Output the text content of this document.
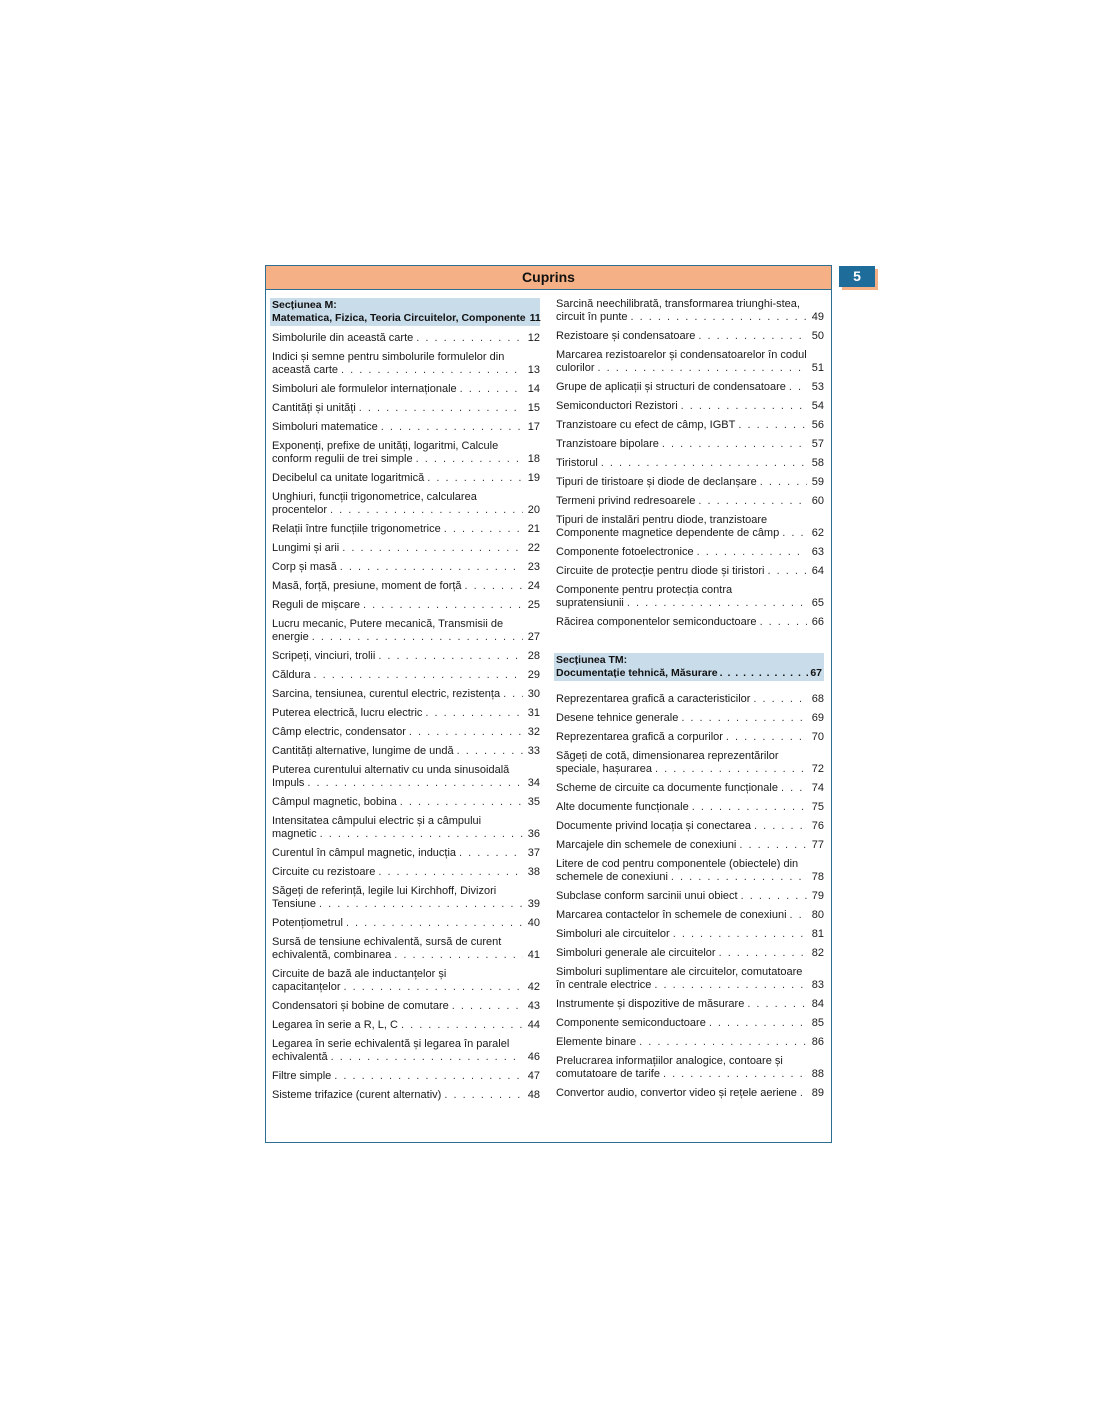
5
Cuprins
Secțiunea M:
Matematica, Fizica, Teoria Circuitelor, Componente 11
Simbolurile din această carte . . .	12
Indici și semne pentru simbolurile formulelor din
această carte . . .	13
Simboluri ale formulelor internaționale . . .	14
Cantități și unități . . .	15
Simboluri matematice . . .	17
Exponenți, prefixe de unități, logaritmi, Calcule
conform regulii de trei simple . . .	18
Decibelul ca unitate logaritmică . . .	19
Unghiuri, funcții trigonometrice, calcularea
procentelor . . .	20
Relații între funcțiile trigonometrice . . .	21
Lungimi și arii . . .	22
Corp și masă . . .	23
Masă, forță, presiune, moment de forță . . .	24
Reguli de mișcare . . .	25
Lucru mecanic, Putere mecanică, Transmisii de
energie . . .	27
Scripeți, vinciuri, trolii . . .	28
Căldura . . .	29
Sarcina, tensiunea, curentul electric, rezistența . . .	30
Puterea electrică, lucru electric . . .	31
Câmp electric, condensator . . .	32
Cantități alternative, lungime de undă . . .	33
Puterea curentului alternativ cu unda sinusoidală
Impuls . . .	34
Câmpul magnetic, bobina . . .	35
Intensitatea câmpului electric și a câmpului
magnetic . . .	36
Curentul în câmpul magnetic, inducția . . .	37
Circuite cu rezistoare . . .	38
Săgeți de referință, legile lui Kirchhoff, Divizori
Tensiune . . .	39
Potențiometrul . . .	40
Sursă de tensiune echivalentă, sursă de curent
echivalentă, combinarea . . .	41
Circuite de bază ale inductanțelor și
capacitanțelor . . .	42
Condensatori și bobine de comutare . . .	43
Legarea în serie a R, L, C . . .	44
Legarea în serie echivalentă și legarea în paralel
echivalentă . . .	46
Filtre simple . . .	47
Sisteme trifazice (curent alternativ) . . .	48
Sarcină neechilibrată, transformarea triunghi-stea,
circuit în punte . . .	49
Rezistoare și condensatoare . . .	50
Marcarea rezistoarelor și condensatoarelor în codul
culorilor . . .	51
Grupe de aplicații și structuri de condensatoare . . . 53
Semiconductori Rezistori . . .	54
Tranzistoare cu efect de câmp, IGBT . . .	56
Tranzistoare bipolare . . .	57
Tiristorul . . .	58
Tipuri de tiristoare și diode de declanșare . . .	59
Termeni privind redresoarele . . .	60
Tipuri de instalări pentru diode, tranzistoare
Componente magnetice dependente de câmp . . .	62
Componente fotoelectronice . . .	63
Circuite de protecție pentru diode și tiristori . . .	64
Componente pentru protecția contra
supratensiunii . . .	65
Răcirea componentelor semiconductoare . . .	66
Secțiunea TM:
Documentație tehnică, Măsurare . . .	67
Reprezentarea grafică a caracteristicilor . . .	68
Desene tehnice generale . . .	69
Reprezentarea grafică a corpurilor . . .	70
Săgeți de cotă, dimensionarea reprezentărilor
speciale, hașurarea . . .	72
Scheme de circuite ca documente funcționale . . .	74
Alte documente funcționale . . .	75
Documente privind locația și conectarea . . .	76
Marcajele din schemele de conexiuni . . .	77
Litere de cod pentru componentele (obiectele) din
schemele de conexiuni . . .	78
Subclase conform sarcinii unui obiect . . .	79
Marcarea contactelor în schemele de conexiuni . . . 80
Simboluri ale circuitelor . . .	81
Simboluri generale ale circuitelor . . .	82
Simboluri suplimentare ale circuitelor, comutatoare
în centrale electrice . . .	83
Instrumente și dispozitive de măsurare . . .	84
Componente semiconductoare . . .	85
Elemente binare . . .	86
Prelucrarea informațiilor analogice, contoare și
comutatoare de tarife . . .	88
Convertor audio, convertor video și rețele aeriene . . . 89
